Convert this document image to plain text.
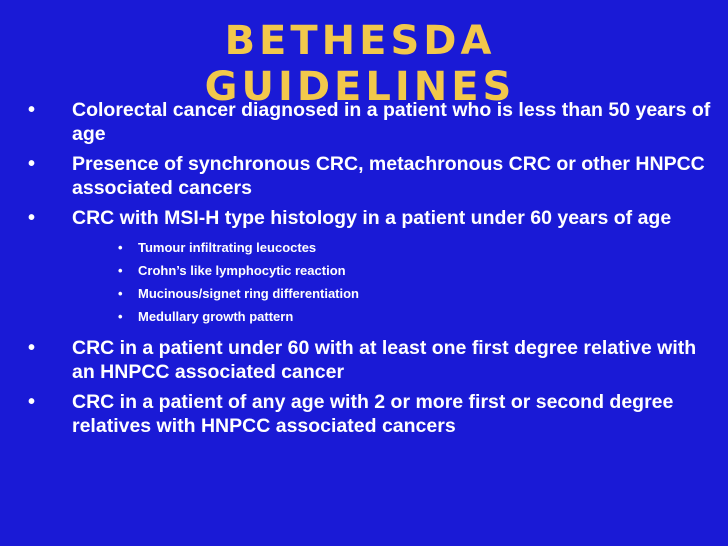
BETHESDA
GUIDELINES
• Colorectal cancer diagnosed in a patient who is less than 50 years of age
• Presence of synchronous CRC, metachronous CRC or other HNPCC associated cancers
• CRC with MSI-H type histology in a patient under 60 years of age
• Tumour infiltrating leucoctes
• Crohn’s like lymphocytic reaction
• Mucinous/signet ring differentiation
• Medullary growth pattern
• CRC in a patient under 60 with at least one first degree relative with an HNPCC associated cancer
• CRC in a patient of any age with 2 or more first or second degree relatives with HNPCC associated cancers
